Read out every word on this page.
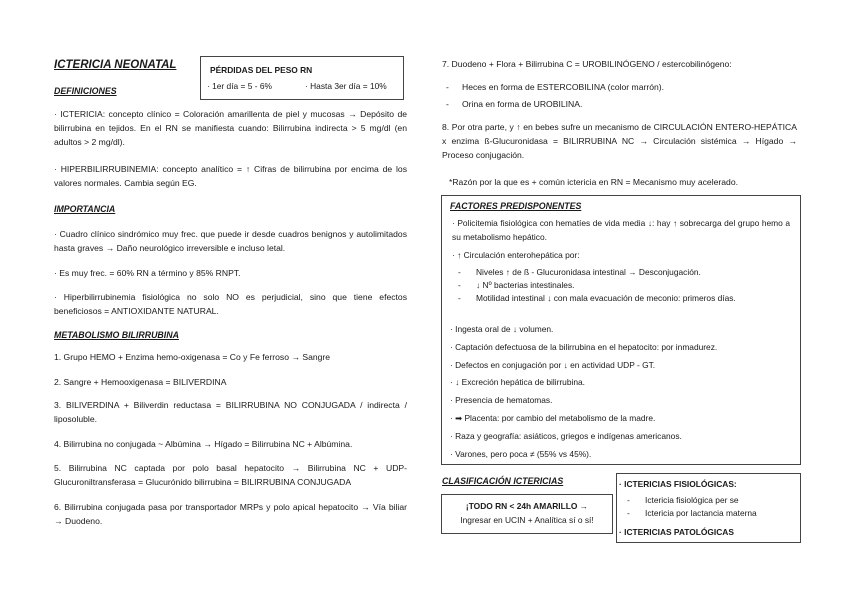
ICTERICIA NEONATAL	PÉRDIDAS DEL PESO RN
· 1er día = 5 - 6%	· Hasta 3er día = 10%
DEFINICIONES
· ICTERICIA: concepto clínico = Coloración amarillenta de piel y mucosas → Depósito de bilirrubina en tejidos. En el RN se manifiesta cuando: Bilirrubina indirecta > 5 mg/dl (en adultos > 2 mg/dl).
· HIPERBILIRRUBINEMIA: concepto analítico = ↑ Cifras de bilirrubina por encima de los valores normales. Cambia según EG.
IMPORTANCIA
· Cuadro clínico sindrómico muy frec. que puede ir desde cuadros benignos y autolimitados hasta graves → Daño neurológico irreversible e incluso letal.
· Es muy frec. = 60% RN a término y 85% RNPT.
· Hiperbilirrubinemia fisiológica no solo NO es perjudicial, sino que tiene efectos beneficiosos = ANTIOXIDANTE NATURAL.
METABOLISMO BILIRRUBINA
1. Grupo HEMO + Enzima hemo-oxigenasa = Co y Fe ferroso → Sangre
2. Sangre + Hemooxigenasa = BILIVERDINA
3. BILIVERDINA + Biliverdin reductasa = BILIRRUBINA NO CONJUGADA / indirecta / liposoluble.
4. Bilirrubina no conjugada ~ Albúmina → Hígado = Bilirrubina NC + Albúmina.
5. Bilirrubina NC captada por polo basal hepatocito → Bilirrubina NC + UDP-Glucuroniltransferasa = Glucurónido bilirrubina = BILIRRUBINA CONJUGADA
6. Bilirrubina conjugada pasa por transportador MRPs y polo apical hepatocito → Vía biliar → Duodeno.
7. Duodeno + Flora + Bilirrubina C = UROBILINÓGENO / estercobilinógeno:
- Heces en forma de ESTERCOBILINA (color marrón).
- Orina en forma de UROBILINA.
8. Por otra parte, y ↑ en bebes sufre un mecanismo de CIRCULACIÓN ENTERO-HEPÁTICA x enzima ß-Glucuronidasa = BILIRRUBINA NC → Circulación sistémica → Hígado → Proceso conjugación.
*Razón por la que es + común ictericia en RN = Mecanismo muy acelerado.
FACTORES PREDISPONENTES
· Policitemia fisiológica con hematíes de vida media ↓: hay ↑ sobrecarga del grupo hemo a su metabolismo hepático.
· ↑ Circulación enterohepática por:
- Niveles ↑ de ß - Glucuronidasa intestinal → Desconjugación.
- ↓ Nº bacterias intestinales.
- Motilidad intestinal ↓ con mala evacuación de meconio: primeros días.
· Ingesta oral de ↓ volumen.
· Captación defectuosa de la bilirrubina en el hepatocito: por inmadurez.
· Defectos en conjugación por ↓ en actividad UDP - GT.
· ↓ Excreción hepática de bilirrubina.
· Presencia de hematomas.
· ➡ Placenta: por cambio del metabolismo de la madre.
· Raza y geografía: asiáticos, griegos e indígenas americanos.
· Varones, pero poca ≠ (55% vs 45%).
CLASIFICACIÓN ICTERICIAS
¡TODO RN < 24h AMARILLO →
Ingresar en UCIN + Analítica sí o sí!
· ICTERICIAS FISIOLÓGICAS:
- Ictericia fisiológica per se
- Ictericia por lactancia materna
· ICTERICIAS PATOLÓGICAS
